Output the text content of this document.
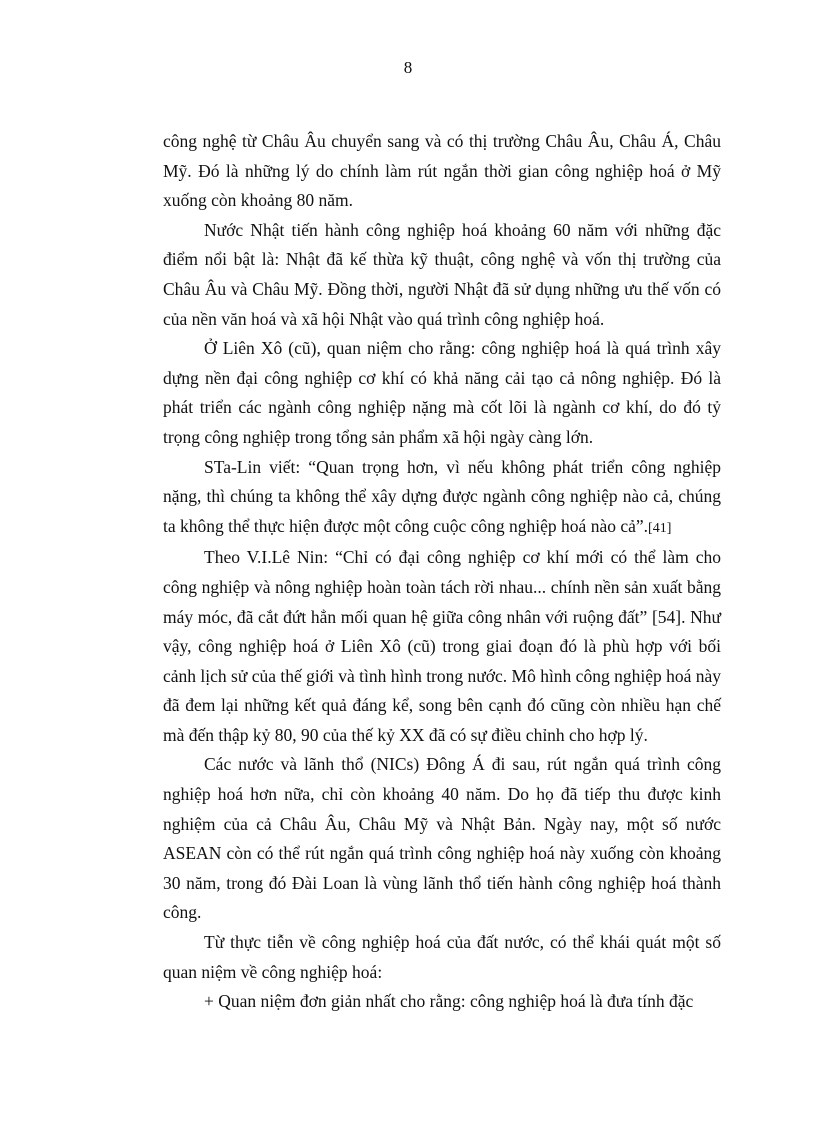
8

công nghệ từ Châu Âu chuyển sang và có thị trường Châu Âu, Châu Á, Châu Mỹ. Đó là những lý do chính làm rút ngắn thời gian công nghiệp hoá ở Mỹ xuống còn khoảng 80 năm.

Nước Nhật tiến hành công nghiệp hoá khoảng 60 năm với những đặc điểm nổi bật là: Nhật đã kế thừa kỹ thuật, công nghệ và vốn thị trường của Châu Âu và Châu Mỹ. Đồng thời, người Nhật đã sử dụng những ưu thế vốn có của nền văn hoá và xã hội Nhật vào quá trình công nghiệp hoá.

Ở Liên Xô (cũ), quan niệm cho rằng: công nghiệp hoá là quá trình xây dựng nền đại công nghiệp cơ khí có khả năng cải tạo cả nông nghiệp. Đó là phát triển các ngành công nghiệp nặng mà cốt lõi là ngành cơ khí, do đó tỷ trọng công nghiệp trong tổng sản phẩm xã hội ngày càng lớn.

STa-Lin viết: “Quan trọng hơn, vì nếu không phát triển công nghiệp nặng, thì chúng ta không thể xây dựng được ngành công nghiệp nào cả, chúng ta không thể thực hiện được một công cuộc công nghiệp hoá nào cả”.[41]

Theo V.I.Lê Nin: “Chỉ có đại công nghiệp cơ khí mới có thể làm cho công nghiệp và nông nghiệp hoàn toàn tách rời nhau... chính nền sản xuất bằng máy móc, đã cắt đứt hẳn mối quan hệ giữa công nhân với ruộng đất” [54]. Như vậy, công nghiệp hoá ở Liên Xô (cũ) trong giai đoạn đó là phù hợp với bối cảnh lịch sử của thế giới và tình hình trong nước. Mô hình công nghiệp hoá này đã đem lại những kết quả đáng kể, song bên cạnh đó cũng còn nhiều hạn chế mà đến thập kỷ 80, 90 của thế kỷ XX đã có sự điều chỉnh cho hợp lý.

Các nước và lãnh thổ (NICs) Đông Á đi sau, rút ngắn quá trình công nghiệp hoá hơn nữa, chỉ còn khoảng 40 năm. Do họ đã tiếp thu được kinh nghiệm của cả Châu Âu, Châu Mỹ và Nhật Bản. Ngày nay, một số nước ASEAN còn có thể rút ngắn quá trình công nghiệp hoá này xuống còn khoảng 30 năm, trong đó Đài Loan là vùng lãnh thổ tiến hành công nghiệp hoá thành công.

Từ thực tiễn về công nghiệp hoá của đất nước, có thể khái quát một số quan niệm về công nghiệp hoá:

+ Quan niệm đơn giản nhất cho rằng: công nghiệp hoá là đưa tính đặc
